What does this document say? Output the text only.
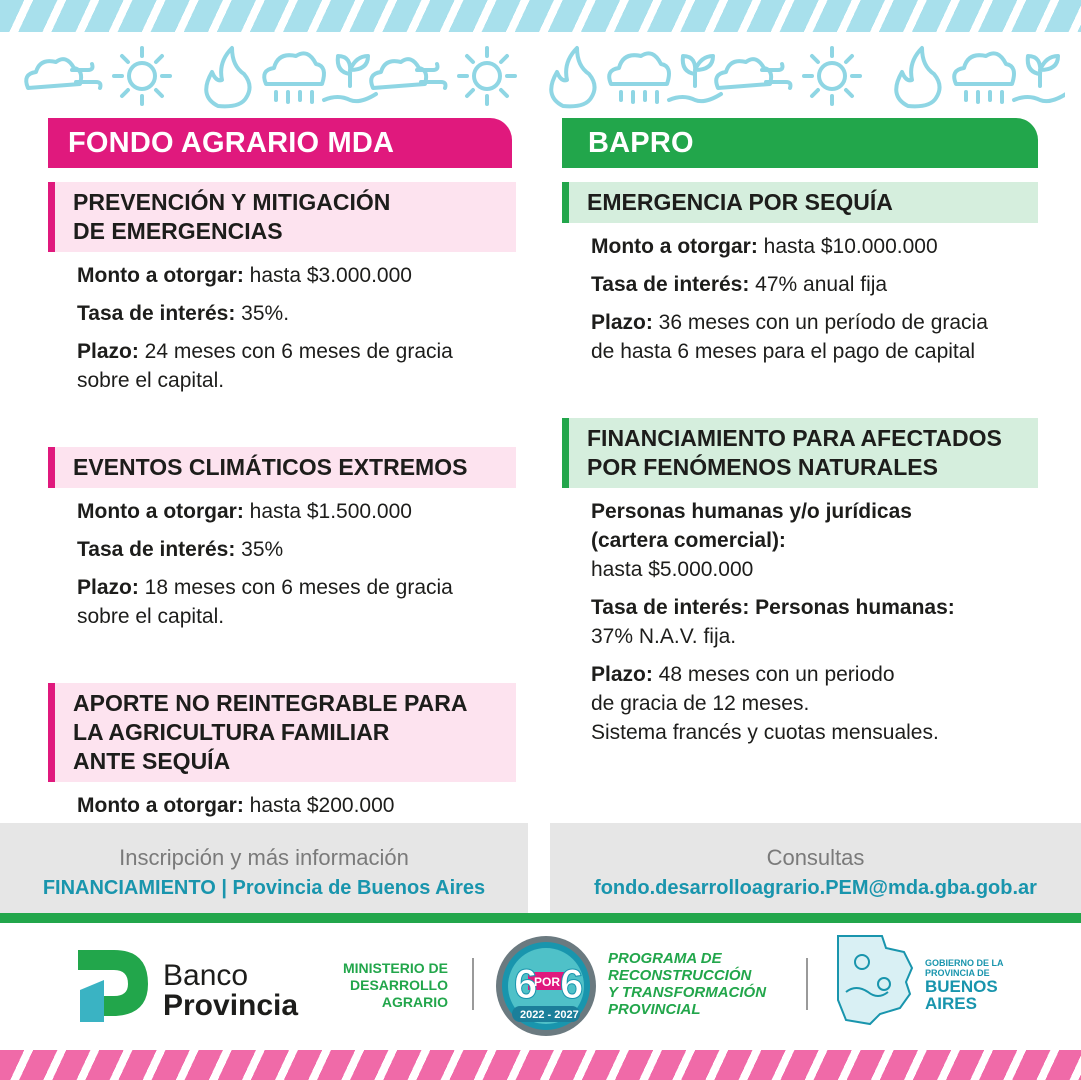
FONDO AGRARIO MDA
PREVENCIÓN Y MITIGACIÓN
DE EMERGENCIAS
Monto a otorgar: hasta $3.000.000
Tasa de interés: 35%.
Plazo: 24 meses con 6 meses de gracia
sobre el capital.
EVENTOS CLIMÁTICOS EXTREMOS
Monto a otorgar: hasta $1.500.000
Tasa de interés: 35%
Plazo: 18 meses con 6 meses de gracia
sobre el capital.
APORTE NO REINTEGRABLE PARA
LA AGRICULTURA FAMILIAR
ANTE SEQUÍA
Monto a otorgar: hasta $200.000
BAPRO
EMERGENCIA POR SEQUÍA
Monto a otorgar: hasta $10.000.000
Tasa de interés: 47% anual fija
Plazo: 36 meses con un período de gracia
de hasta 6 meses para el pago de capital
FINANCIAMIENTO PARA AFECTADOS
POR FENÓMENOS NATURALES
Personas humanas y/o jurídicas
(cartera comercial):
hasta $5.000.000
Tasa de interés: Personas humanas:
37% N.A.V. fija.
Plazo: 48 meses con un periodo
de gracia de 12 meses.
Sistema francés y cuotas mensuales.
Inscripción y más información
FINANCIAMIENTO | Provincia de Buenos Aires
Consultas
fondo.desarrolloagrario.PEM@mda.gba.gob.ar
Banco
Provincia
MINISTERIO DE
DESARROLLO
AGRARIO 6
POR 6
2022 - 2027
PROGRAMA DE
RECONSTRUCCIÓN
Y TRANSFORMACIÓN
PROVINCIAL
GOBIERNO DE LA
PROVINCIA DE
BUENOS
AIRES
